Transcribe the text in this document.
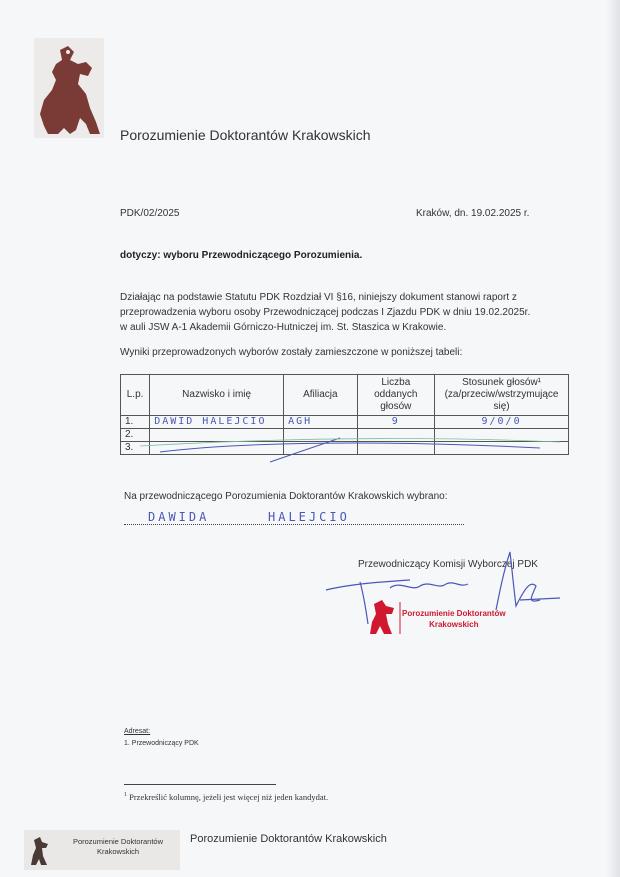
Porozumienie Doktorantów Krakowskich
PDK/02/2025	Kraków, dn. 19.02.2025 r.
dotyczy: wyboru Przewodniczącego Porozumienia.
Działając na podstawie Statutu PDK Rozdział VI §16, niniejszy dokument stanowi raport z
przeprowadzenia wyboru osoby Przewodniczącej podczas I Zjazdu PDK w dniu 19.02.2025r.
w auli JSW A-1 Akademii Górniczo-Hutniczej im. St. Staszica w Krakowie.
Wyniki przeprowadzonych wyborów zostały zamieszczone w poniższej tabeli:
L.p.	Nazwisko i imię	Afiliacja	Liczba oddanych głosów	Stosunek głosów¹ (za/przeciw/wstrzymujące się)
1.	DAWID HALEJCIO	AGH	9	9/0/0
2.				
3.				
Na przewodniczącego Porozumienia Doktorantów Krakowskich wybrano:
DAWIDA	HALEJCIO
Przewodniczący Komisji Wyborczej PDK
Porozumienie Doktorantów
Krakowskich
Adresat:
1. Przewodniczący PDK
$^1$ Przekreślić kolumnę, jeżeli jest więcej niż jeden kandydat.
Porozumienie Doktorantów
Krakowskich
Porozumienie Doktorantów Krakowskich
